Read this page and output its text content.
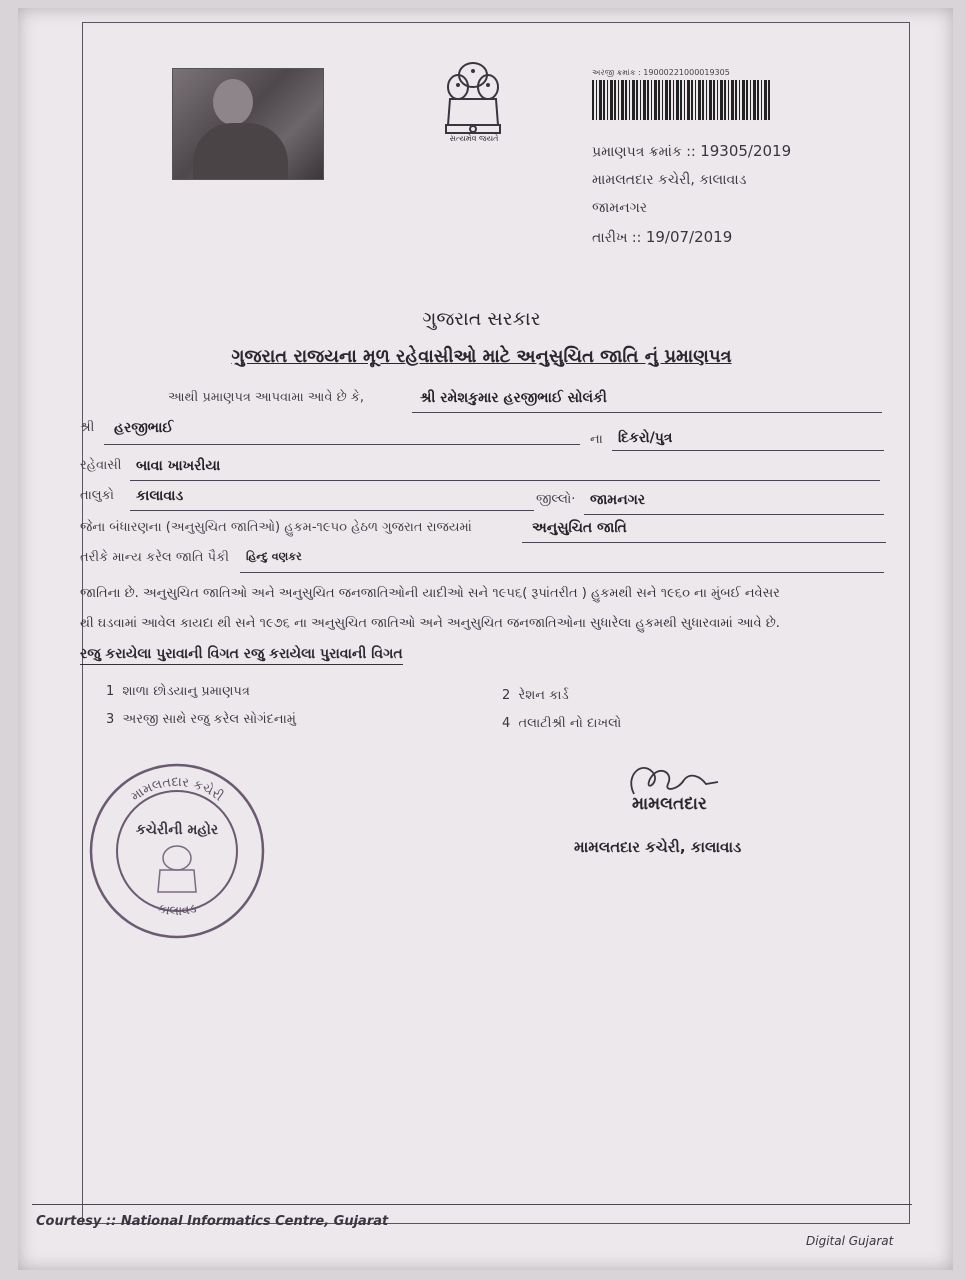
સત્યમેવ જયતે
અરજી ક્રમાંક : 19000221000019305
પ્રમાણપત્ર ક્રમાંક :: 19305/2019
મામલતદાર કચેરી, કાલાવાડ
જામનગર
તારીખ :: 19/07/2019
ગુજરાત સરકાર
ગુજરાત રાજયના મૂળ રહેવાસીઓ માટે અનુસુચિત જાતિ નું પ્રમાણપત્ર
આથી પ્રમાણપત્ર આપવામા આવે છે કે,	શ્રી રમેશકુમાર હરજીભાઈ સોલંકી
શ્રી હરજીભાઈ
ના દિકરો/પુત્ર
રહેવાસી બાવા ખાખરીયા
તાલુકો કાલાવાડ	જીલ્લો· જામનગર
જેના બંધારણના (અનુસુચિત જાતિઓ) હુકમ-૧૯૫૦ હેઠળ ગુજરાત રાજયમાં	અનુસુચિત જાતિ
તરીકે માન્ય કરેલ જાતિ પૈકી હિન્દુ વણકર
જાતિના છે. અનુસુચિત જાતિઓ અને અનુસુચિત જનજાતિઓની યાદીઓ સને ૧૯૫૬( રૂપાંતરીત ) હુકમથી સને ૧૯૬૦ ના મુંબઈ નવેસર
થી ઘડવામાં આવેલ કાયદા થી સને ૧૯૭૬ ના અનુસુચિત જાતિઓ અને અનુસુચિત જનજાતિઓના સુધારેલા હુકમથી સુધારવામાં આવે છે.
રજુ કરાયેલા પુરાવાની વિગત રજુ કરાયેલા પુરાવાની વિગત
1 શાળા છોડયાનુ પ્રમાણપત્ર	2 રેશન કાર્ડ
3 અરજી સાથે રજુ કરેલ સોગંદનામું	4 તલાટીશ્રી નો દાખલો
મામલતદાર કચેરી
કાલાવડ
કચેરીની મહોર
મામલતદાર
મામલતદાર કચેરી, કાલાવાડ
Courtesy :: National Informatics Centre, Gujarat
Digital Gujarat
